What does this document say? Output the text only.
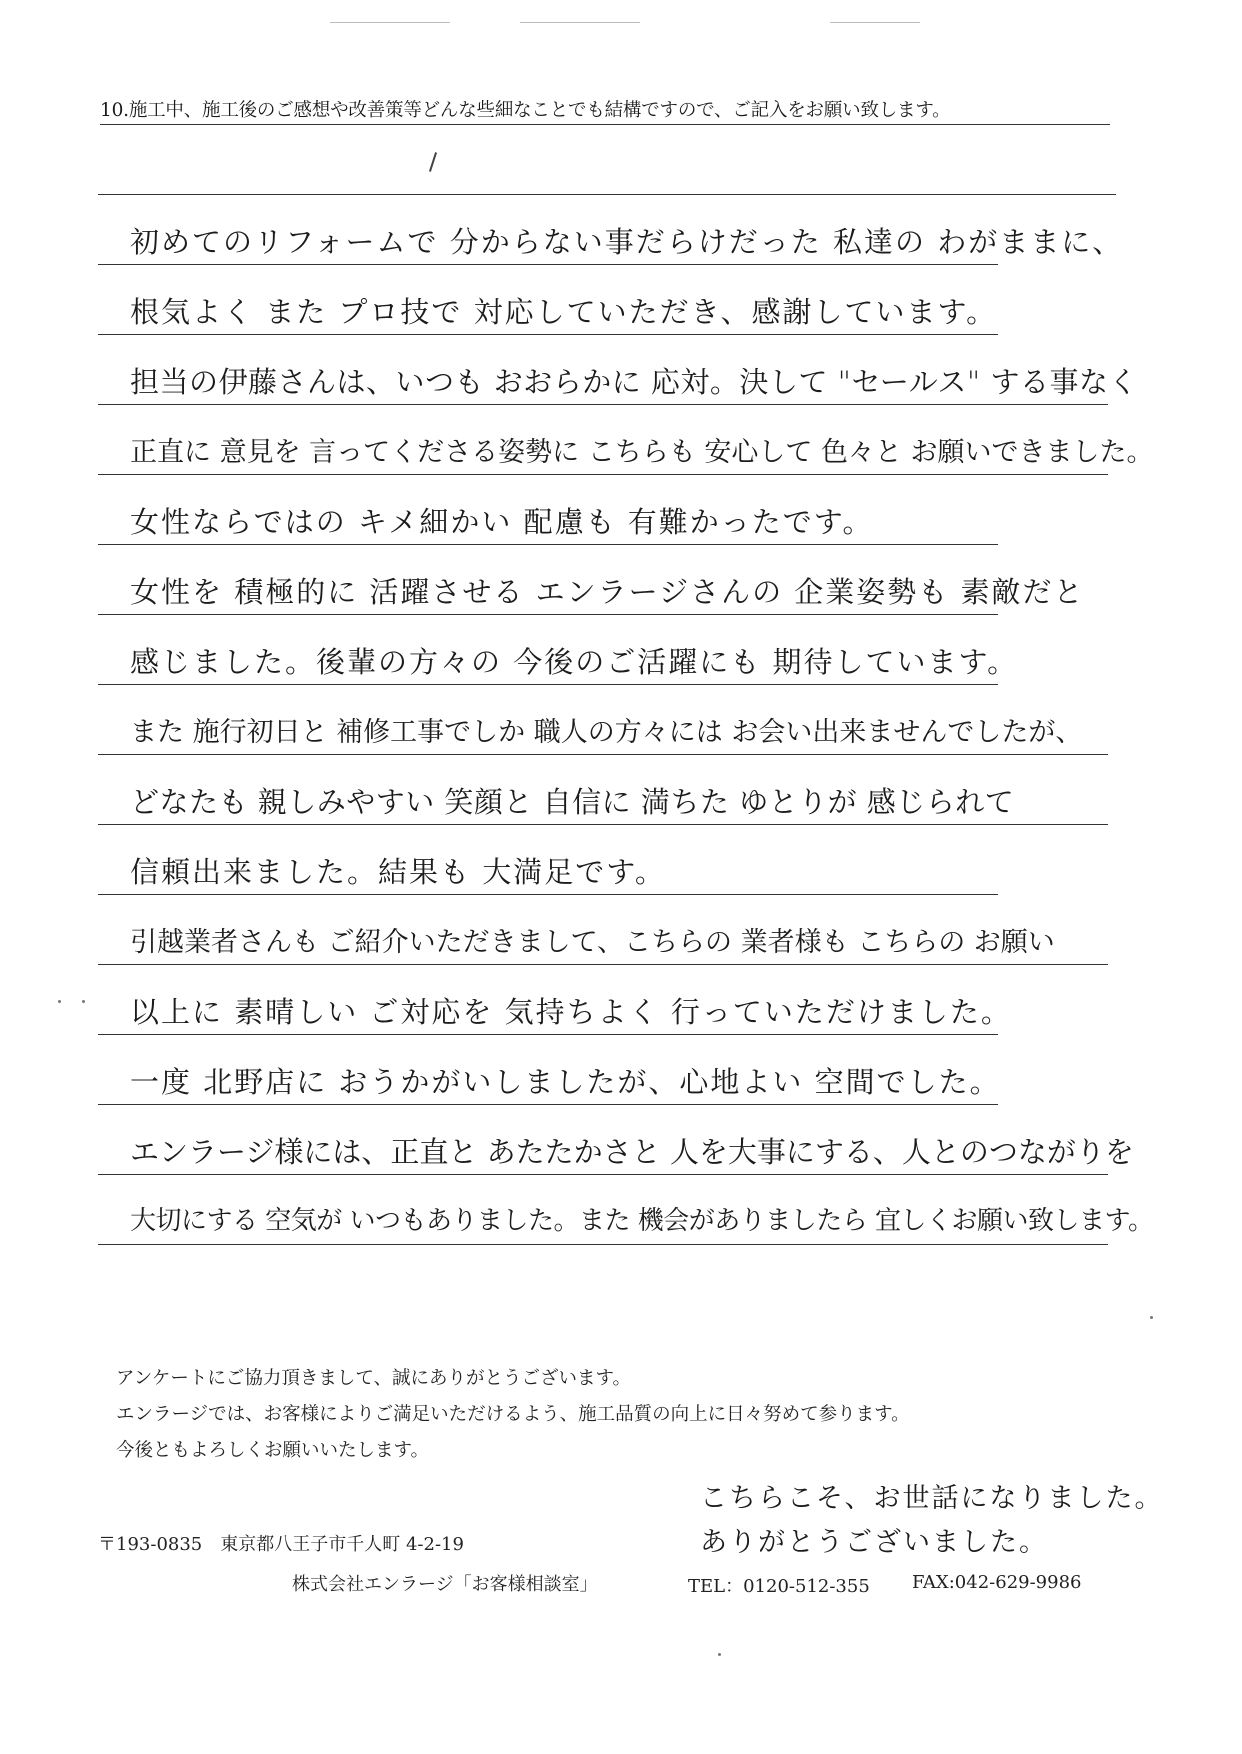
10.施工中、施工後のご感想や改善策等どんな些細なことでも結構ですので、ご記入をお願い致します。
初めてのリフォームで 分からない事だらけだった 私達の わがままに、
根気よく また プロ技で 対応していただき、感謝しています。
担当の伊藤さんは、いつも おおらかに 応対。決して "セールス" する事なく
正直に 意見を 言ってくださる姿勢に こちらも 安心して 色々と お願いできました。
女性ならではの キメ細かい 配慮も 有難かったです。
女性を 積極的に 活躍させる エンラージさんの 企業姿勢も 素敵だと
感じました。後輩の方々の 今後のご活躍にも 期待しています。
また 施行初日と 補修工事でしか 職人の方々には お会い出来ませんでしたが、
どなたも 親しみやすい 笑顔と 自信に 満ちた ゆとりが 感じられて
信頼出来ました。結果も 大満足です。
引越業者さんも ご紹介いただきまして、こちらの 業者様も こちらの お願い
以上に 素晴しい ご対応を 気持ちよく 行っていただけました。
一度 北野店に おうかがいしましたが、心地よい 空間でした。
エンラージ様には、正直と あたたかさと 人を大事にする、人とのつながりを
大切にする 空気が いつもありました。また 機会がありましたら 宜しくお願い致します。
アンケートにご協力頂きまして、誠にありがとうございます。
エンラージでは、お客様によりご満足いただけるよう、施工品質の向上に日々努めて参ります。
今後ともよろしくお願いいたします。
こちらこそ、お世話になりました。
ありがとうございました。
〒193-0835　東京都八王子市千人町 4-2-19
株式会社エンラージ「お客様相談室」	TEL：0120-512-355 FAX:042-629-9986
